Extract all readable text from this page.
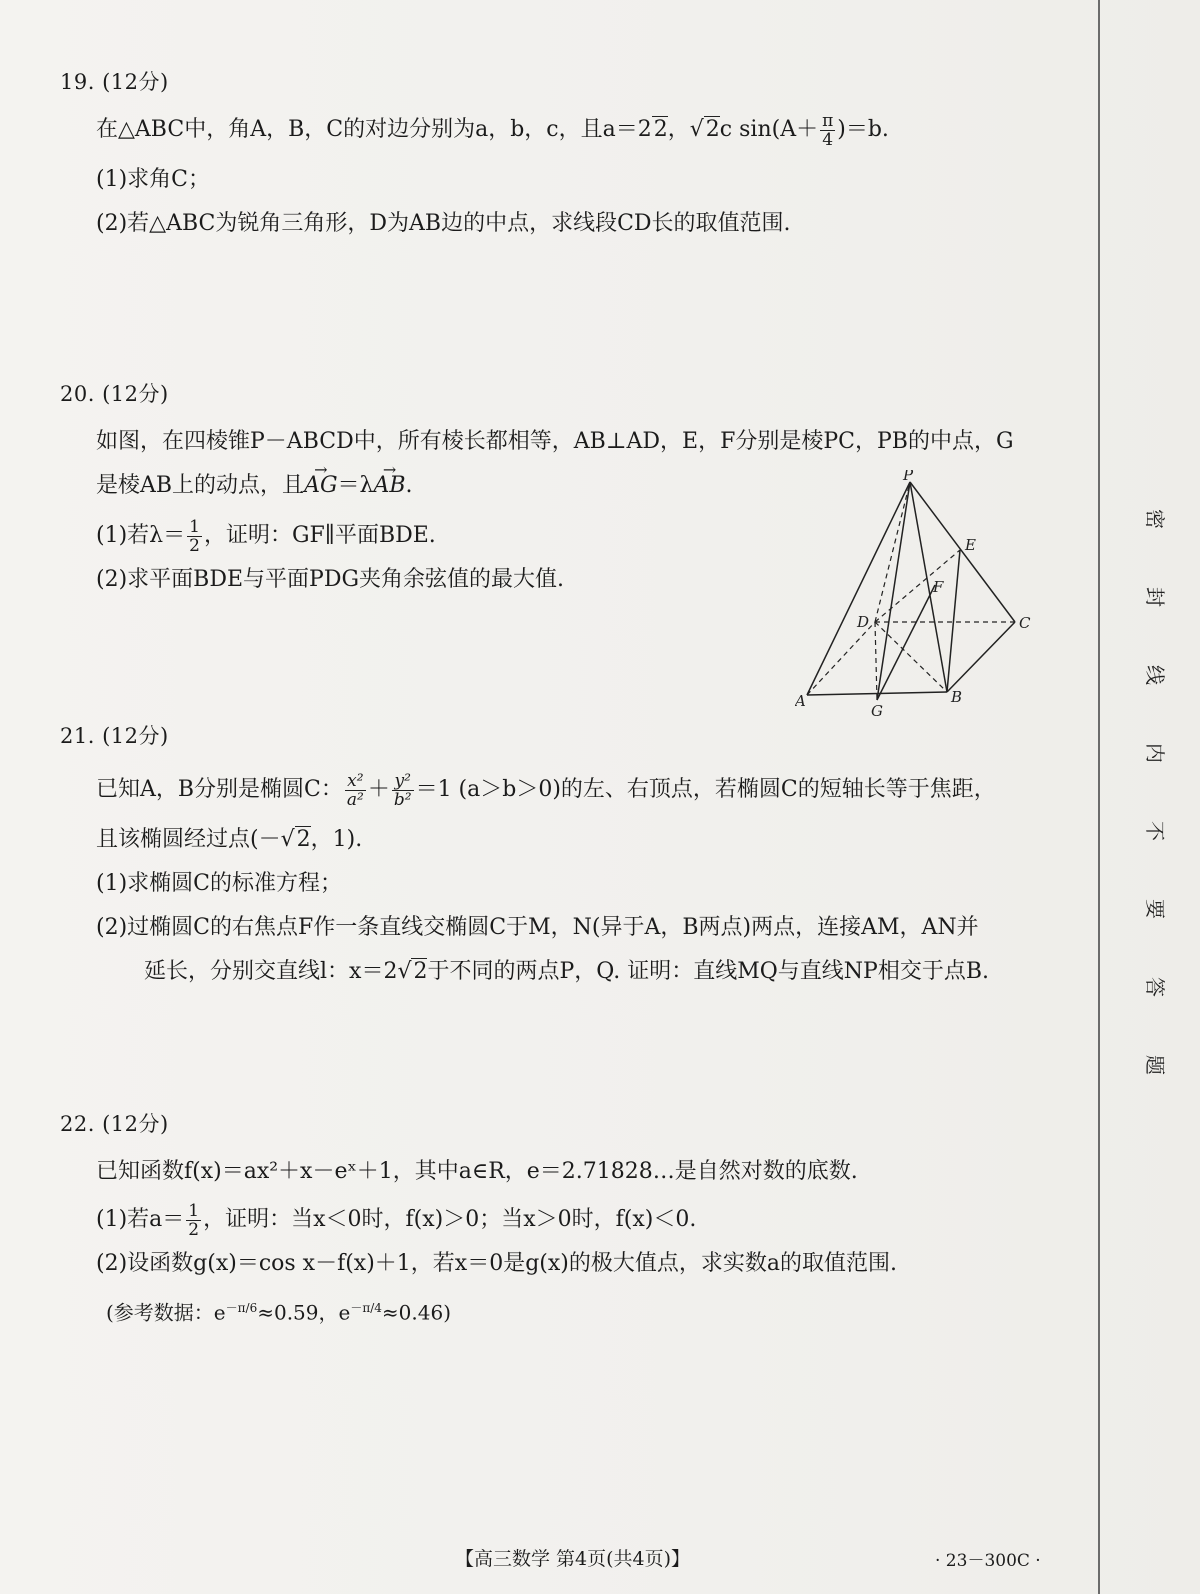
19. (12分)
在△ABC中，角A，B，C的对边分别为a，b，c，且a＝22，√2c $\sin(A+ \frac{\pi}{4} )=b$.
(1)求角C；
(2)若△ABC为锐角三角形，D为AB边的中点，求线段CD长的取值范围.
20. (12分)
如图，在四棱锥P－ABCD中，所有棱长都相等，AB⊥AD，E，F分别是棱PC，PB的中点，G
是棱AB上的动点，且→ AG＝λ→ AB.
(1)若$\lambda= \frac{1}{2}$ ，证明：GF∥平面BDE.
(2)求平面BDE与平面PDG夹角余弦值的最大值.
P
E
F
D	C
A
G
B
21. (12分)
已知A，B分别是椭圆C： $\frac{\text{x²}}{\text{a²}} + \frac{\text{y²}}{\text{b²}} =1$ (a＞b＞0)的左、右顶点，若椭圆C的短轴长等于焦距，
且该椭圆经过点(－√2，1).
(1)求椭圆C的标准方程；
(2)过椭圆C的右焦点F作一条直线交椭圆C于M，N(异于A，B两点)两点，连接AM，AN并
延长，分别交直线l：x＝2√2于不同的两点P，Q. 证明：直线MQ与直线NP相交于点B.
22. (12分)
已知函数f(x)＝ax²＋x－eˣ＋1，其中a∈R，e＝2.71828…是自然对数的底数.
(1)若$a= \frac{1}{2}$ ，证明：当x＜0时，f(x)＞0；当x＞0时，f(x)＜0.
(2)设函数g(x)＝cos x－f(x)＋1，若x＝0是g(x)的极大值点，求实数a的取值范围.
(参考数据：$e^{-\pi/6}\approx 0.59$，$e^{-\pi/4}\approx 0.46$)
密
封
线
内
不
要
答
题
【高三数学 第4页(共4页)】	· 23－300C ·
